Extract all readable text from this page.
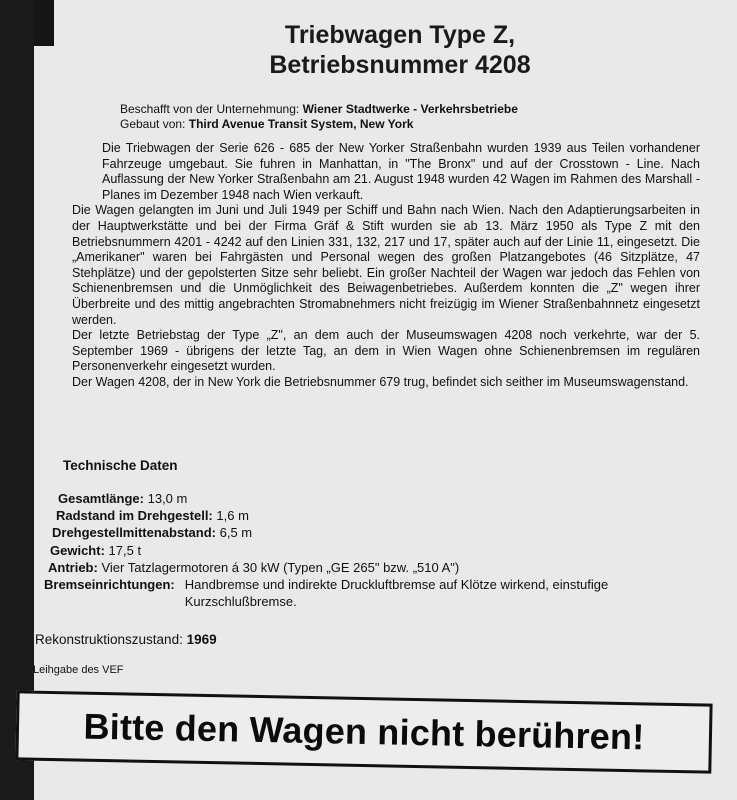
Triebwagen Type Z,
Betriebsnummer 4208
Beschafft von der Unternehmung: Wiener Stadtwerke - Verkehrsbetriebe
Gebaut von: Third Avenue Transit System, New York

Die Triebwagen der Serie 626 - 685 der New Yorker Straßenbahn wurden 1939 aus Teilen vorhandener Fahrzeuge umgebaut. Sie fuhren in Manhattan, in "The Bronx" und auf der Crosstown - Line. Nach Auflassung der New Yorker Straßenbahn am 21. August 1948 wurden 42 Wagen im Rahmen des Marshall - Planes im Dezember 1948 nach Wien verkauft.

Die Wagen gelangten im Juni und Juli 1949 per Schiff und Bahn nach Wien. Nach den Adaptierungsarbeiten in der Hauptwerkstätte und bei der Firma Gräf & Stift wurden sie ab 13. März 1950 als Type Z mit den Betriebsnummern 4201 - 4242 auf den Linien 331, 132, 217 und 17, später auch auf der Linie 11, eingesetzt. Die „Amerikaner" waren bei Fahrgästen und Personal wegen des großen Platzangebotes (46 Sitzplätze, 47 Stehplätze) und der gepolsterten Sitze sehr beliebt. Ein großer Nachteil der Wagen war jedoch das Fehlen von Schienenbremsen und die Unmöglichkeit des Beiwagenbetriebes. Außerdem konnten die „Z" wegen ihrer Überbreite und des mittig angebrachten Stromabnehmers nicht freizügig im Wiener Straßenbahnnetz eingesetzt werden.

Der letzte Betriebstag der Type „Z", an dem auch der Museumswagen 4208 noch verkehrte, war der 5. September 1969 - übrigens der letzte Tag, an dem in Wien Wagen ohne Schienenbremsen im regulären Personenverkehr eingesetzt wurden.

Der Wagen 4208, der in New York die Betriebsnummer 679 trug, befindet sich seither im Museumswagenstand.

Technische Daten
Gesamtlänge: 13,0 m
Radstand im Drehgestell: 1,6 m
Drehgestellmittenabstand: 6,5 m
Gewicht: 17,5 t
Antrieb: Vier Tatzlagermotoren á 30 kW (Typen „GE 265" bzw. „510 A")
Bremseinrichtungen: Handbremse und indirekte Druckluftbremse auf Klötze wirkend, einstufige Kurzschlußbremse.
Rekonstruktionszustand: 1969
Leihgabe des VEF
Bitte den Wagen nicht berühren!
